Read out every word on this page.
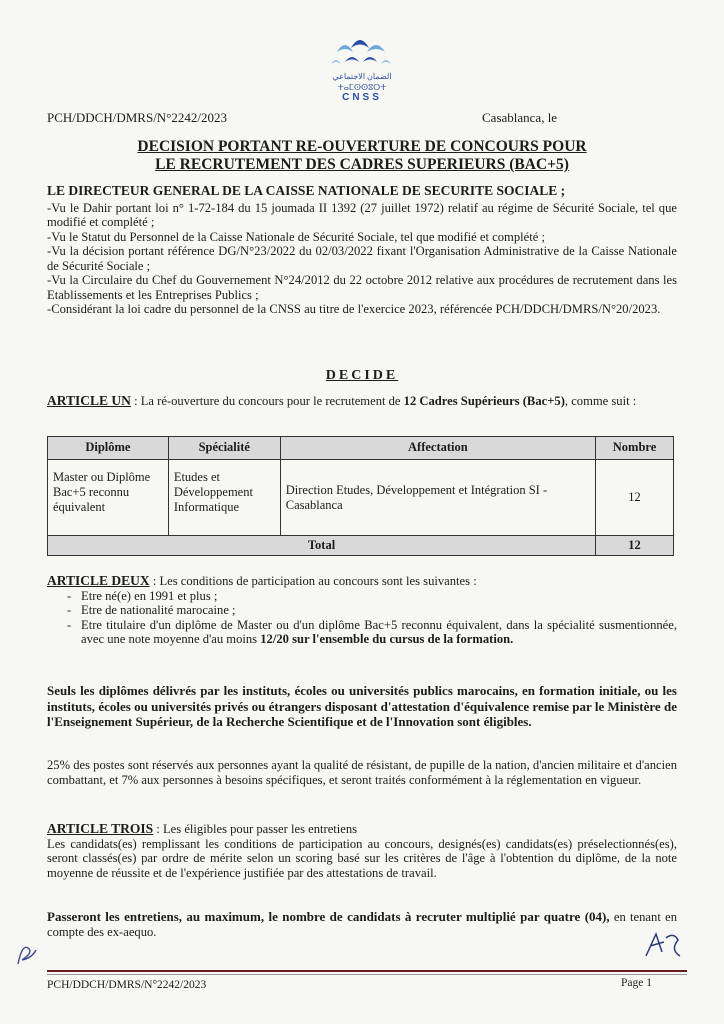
الضمان الاجتماعي
ⵜⴰⵎⵙⵙⵓⵔⵜ
CNSS
PCH/DDCH/DMRS/N°2242/2023	Casablanca, le
DECISION PORTANT RE-OUVERTURE DE CONCOURS POUR
LE RECRUTEMENT DES CADRES SUPERIEURS (BAC+5)
LE DIRECTEUR GENERAL DE LA CAISSE NATIONALE DE SECURITE SOCIALE ;

-Vu le Dahir portant loi n° 1-72-184 du 15 joumada II 1392 (27 juillet 1972) relatif au régime de Sécurité Sociale, tel que modifié et complété ;

-Vu le Statut du Personnel de la Caisse Nationale de Sécurité Sociale, tel que modifié et complété ;

-Vu la décision portant référence DG/N°23/2022 du 02/03/2022 fixant l'Organisation Administrative de la Caisse Nationale de Sécurité Sociale ;

-Vu la Circulaire du Chef du Gouvernement N°24/2012 du 22 octobre 2012 relative aux procédures de recrutement dans les Etablissements et les Entreprises Publics ;

-Considérant la loi cadre du personnel de la CNSS au titre de l'exercice 2023, référencée PCH/DDCH/DMRS/N°20/2023.

DECIDE
ARTICLE UN : La ré-ouverture du concours pour le recrutement de 12 Cadres Supérieurs (Bac+5), comme suit :
Diplôme	Spécialité	Affectation	Nombre
Master ou Diplôme Bac+5 reconnu équivalent	Etudes et Développement Informatique	Direction Etudes, Développement et Intégration SI - Casablanca	12
Total			12
ARTICLE DEUX : Les conditions de participation au concours sont les suivantes :
- Etre né(e) en 1991 et plus ;
- Etre de nationalité marocaine ;
- Etre titulaire d'un diplôme de Master ou d'un diplôme Bac+5 reconnu équivalent, dans la spécialité susmentionnée, avec une note moyenne d'au moins 12/20 sur l'ensemble du cursus de la formation.
Seuls les diplômes délivrés par les instituts, écoles ou universités publics marocains, en formation initiale, ou les instituts, écoles ou universités privés ou étrangers disposant d'attestation d'équivalence remise par le Ministère de l'Enseignement Supérieur, de la Recherche Scientifique et de l'Innovation sont éligibles.
25% des postes sont réservés aux personnes ayant la qualité de résistant, de pupille de la nation, d'ancien militaire et d'ancien combattant, et 7% aux personnes à besoins spécifiques, et seront traités conformément à la réglementation en vigueur.
ARTICLE TROIS : Les éligibles pour passer les entretiens
Les candidats(es) remplissant les conditions de participation au concours, designés(es) candidats(es) préselectionnés(es), seront classés(es) par ordre de mérite selon un scoring basé sur les critères de l'âge à l'obtention du diplôme, de la note moyenne de réussite et de l'expérience justifiée par des attestations de travail.
Passeront les entretiens, au maximum, le nombre de candidats à recruter multiplié par quatre (04), en tenant en compte des ex-aequo.
PCH/DDCH/DMRS/N°2242/2023	Page 1
